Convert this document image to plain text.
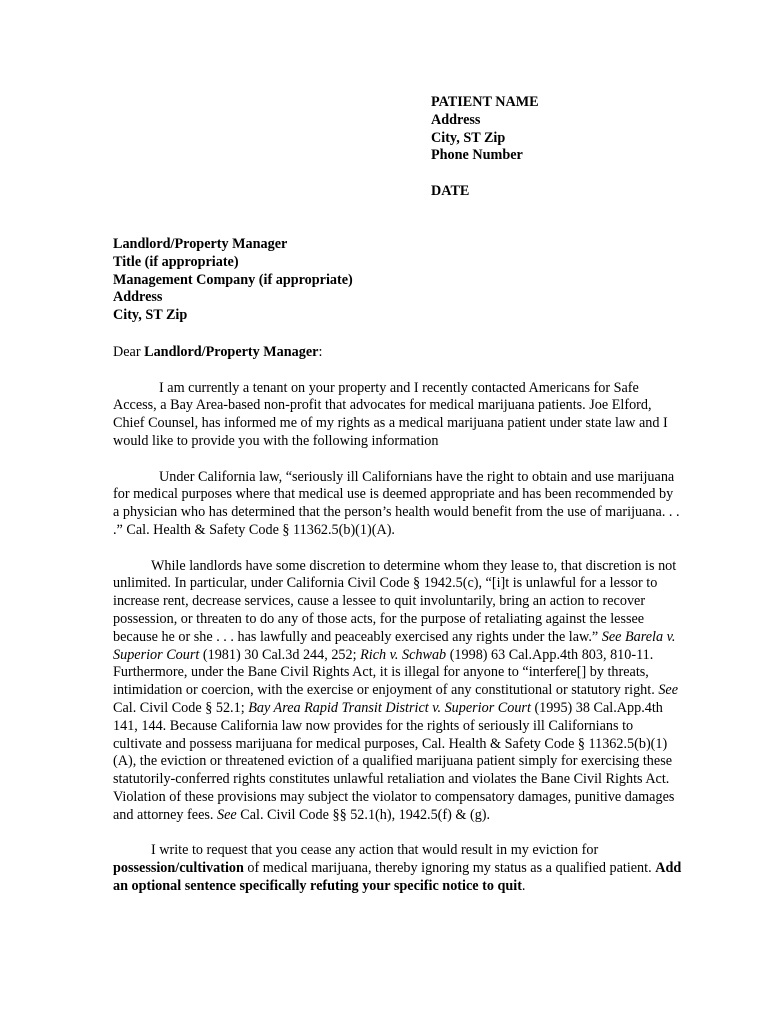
PATIENT NAME
Address
City, ST Zip
Phone Number
DATE
Landlord/Property Manager
Title (if appropriate)
Management Company (if appropriate)
Address
City, ST Zip

Dear Landlord/Property Manager:

I am currently a tenant on your property and I recently contacted Americans for Safe Access, a Bay Area-based non-profit that advocates for medical marijuana patients. Joe Elford, Chief Counsel, has informed me of my rights as a medical marijuana patient under state law and I would like to provide you with the following information

Under California law, “seriously ill Californians have the right to obtain and use marijuana for medical purposes where that medical use is deemed appropriate and has been recommended by a physician who has determined that the person’s health would benefit from the use of marijuana. . . .” Cal. Health & Safety Code § 11362.5(b)(1)(A).

While landlords have some discretion to determine whom they lease to, that discretion is not unlimited. In particular, under California Civil Code § 1942.5(c), “[i]t is unlawful for a lessor to increase rent, decrease services, cause a lessee to quit involuntarily, bring an action to recover possession, or threaten to do any of those acts, for the purpose of retaliating against the lessee because he or she . . . has lawfully and peaceably exercised any rights under the law.” See Barela v. Superior Court (1981) 30 Cal.3d 244, 252; Rich v. Schwab (1998) 63 Cal.App.4th 803, 810-11. Furthermore, under the Bane Civil Rights Act, it is illegal for anyone to “interfere[] by threats, intimidation or coercion, with the exercise or enjoyment of any constitutional or statutory right. See Cal. Civil Code § 52.1; Bay Area Rapid Transit District v. Superior Court (1995) 38 Cal.App.4th 141, 144. Because California law now provides for the rights of seriously ill Californians to cultivate and possess marijuana for medical purposes, Cal. Health & Safety Code § 11362.5(b)(1)(A), the eviction or threatened eviction of a qualified marijuana patient simply for exercising these statutorily-conferred rights constitutes unlawful retaliation and violates the Bane Civil Rights Act. Violation of these provisions may subject the violator to compensatory damages, punitive damages and attorney fees. See Cal. Civil Code §§ 52.1(h), 1942.5(f) & (g).

I write to request that you cease any action that would result in my eviction for possession/cultivation of medical marijuana, thereby ignoring my status as a qualified patient. Add an optional sentence specifically refuting your specific notice to quit.
